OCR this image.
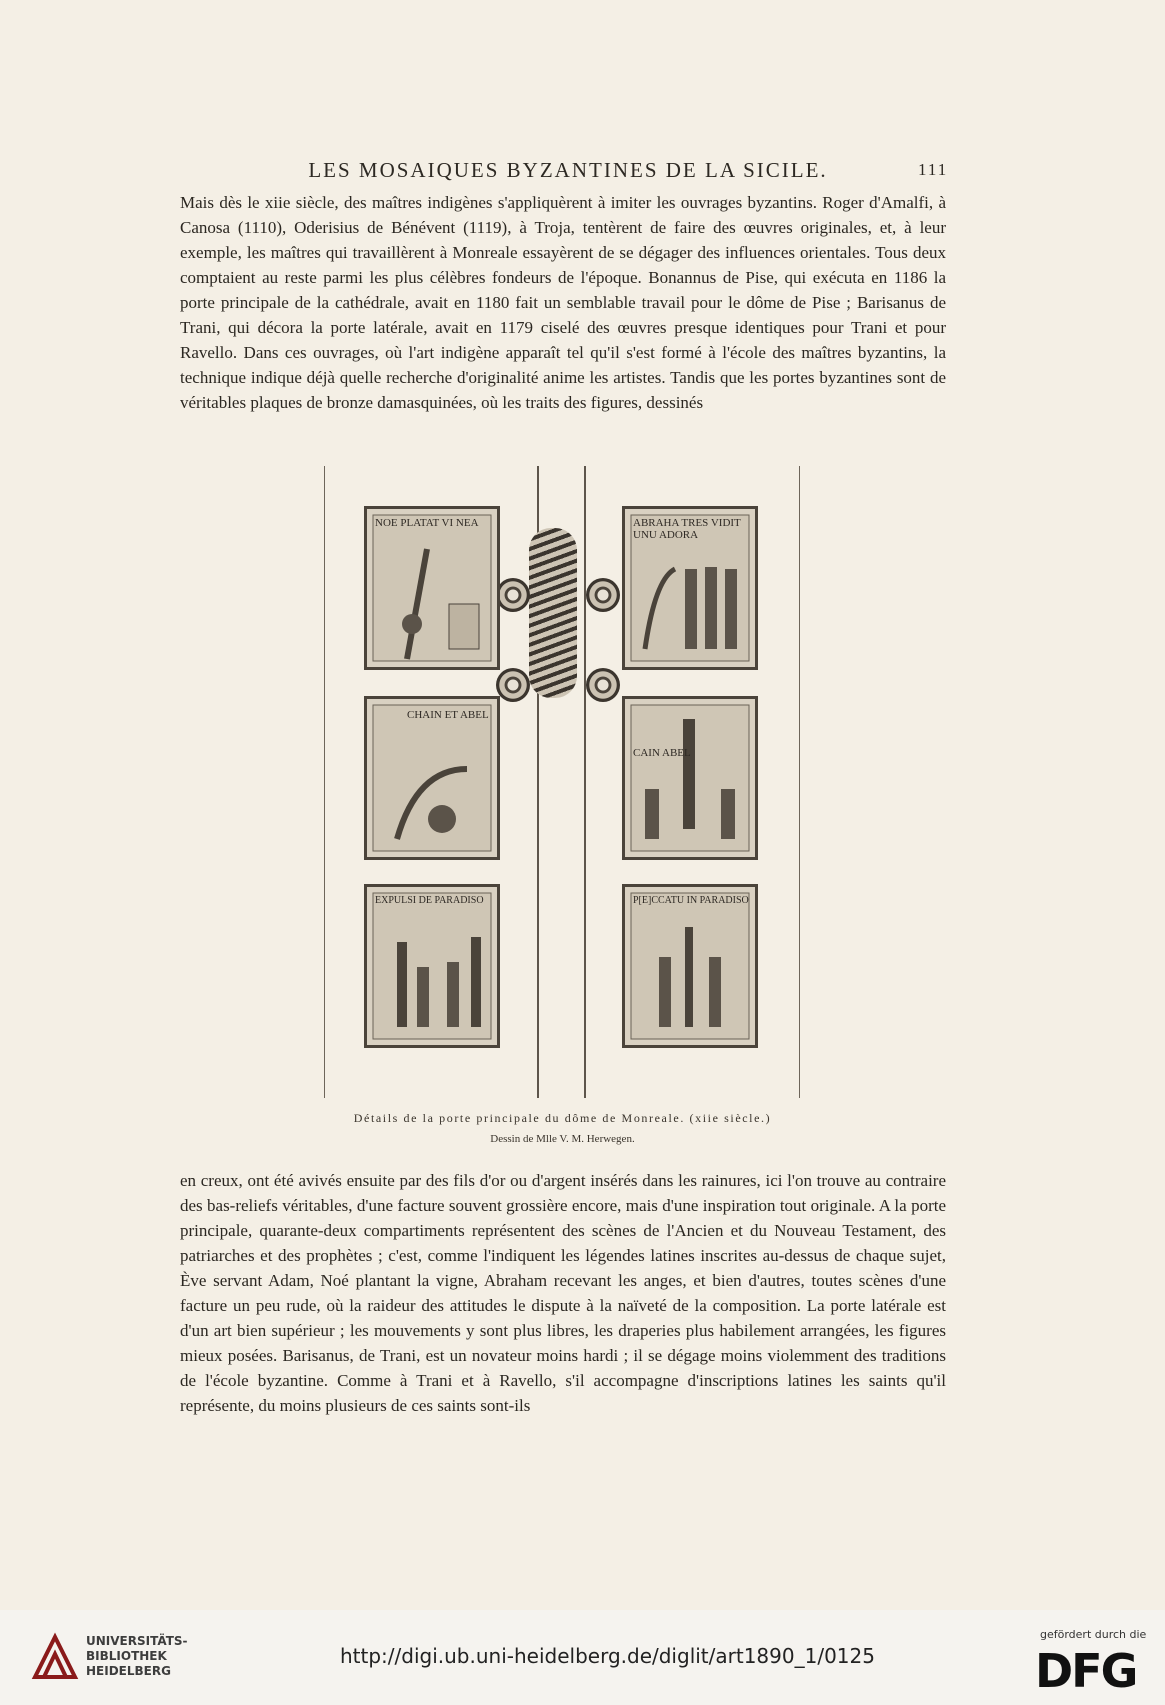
LES MOSAIQUES BYZANTINES DE LA SICILE.	111

Mais dès le xiie siècle, des maîtres indigènes s'appliquèrent à imiter les ouvrages byzantins. Roger d'Amalfi, à Canosa (1110), Oderisius de Bénévent (1119), à Troja, tentèrent de faire des œuvres originales, et, à leur exemple, les maîtres qui travaillèrent à Monreale essayèrent de se dégager des influences orientales. Tous deux comptaient au reste parmi les plus célèbres fondeurs de l'époque. Bonannus de Pise, qui exécuta en 1186 la porte principale de la cathédrale, avait en 1180 fait un semblable travail pour le dôme de Pise ; Barisanus de Trani, qui décora la porte latérale, avait en 1179 ciselé des œuvres presque identiques pour Trani et pour Ravello. Dans ces ouvrages, où l'art indigène apparaît tel qu'il s'est formé à l'école des maîtres byzantins, la technique indique déjà quelle recherche d'originalité anime les artistes. Tandis que les portes byzantines sont de véritables plaques de bronze damasquinées, où les traits des figures, dessinés

NOE PLATAT VI NEA	ABRAHA TRES VIDIT UNU ADORA
CHAIN ET ABEL
CAIN ABEL
EXPULSI DE PARADISO	P[E]CCATU IN PARADISO
Détails de la porte principale du dôme de Monreale. (xiie siècle.)
Dessin de Mlle V. M. Herwegen.

en creux, ont été avivés ensuite par des fils d'or ou d'argent insérés dans les rainures, ici l'on trouve au contraire des bas-reliefs véritables, d'une facture souvent grossière encore, mais d'une inspiration tout originale. A la porte principale, quarante-deux compartiments représentent des scènes de l'Ancien et du Nouveau Testament, des patriarches et des prophètes ; c'est, comme l'indiquent les légendes latines inscrites au-dessus de chaque sujet, Ève servant Adam, Noé plantant la vigne, Abraham recevant les anges, et bien d'autres, toutes scènes d'une facture un peu rude, où la raideur des attitudes le dispute à la naïveté de la composition. La porte latérale est d'un art bien supérieur ; les mouvements y sont plus libres, les draperies plus habilement arrangées, les figures mieux posées. Barisanus, de Trani, est un novateur moins hardi ; il se dégage moins violemment des traditions de l'école byzantine. Comme à Trani et à Ravello, s'il accompagne d'inscriptions latines les saints qu'il représente, du moins plusieurs de ces saints sont-ils

UNIVERSITÄTS-
BIBLIOTHEK
HEIDELBERG
http://digi.ub.uni-heidelberg.de/diglit/art1890_1/0125
gefördert durch die
DFG
